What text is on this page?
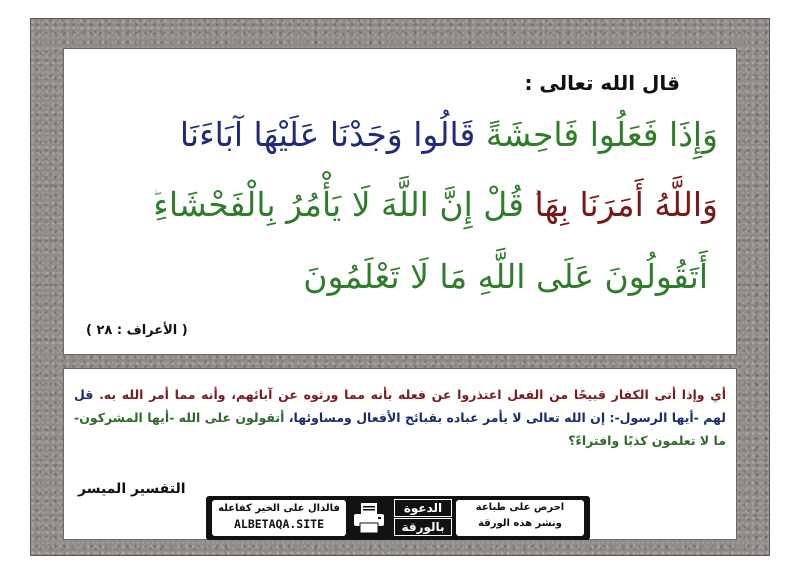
قال الله تعالى :
وَإِذَا فَعَلُوا فَاحِشَةً قَالُوا وَجَدْنَا عَلَيْهَا آبَاءَنَا
وَاللَّهُ أَمَرَنَا بِهَا قُلْ إِنَّ اللَّهَ لَا يَأْمُرُ بِالْفَحْشَاءِ
أَتَقُولُونَ عَلَى اللَّهِ مَا لَا تَعْلَمُونَ
( الأعراف : ٢٨ )
أي وإذا أتى الكفار قبيحًا من الفعل اعتذروا عن فعله بأنه مما ورثوه عن آبائهم، وأنه مما أمر الله به. قل لهم -أيها الرسول-: إن الله تعالى لا يأمر عباده بقبائح الأفعال ومساوئها، أتقولون على الله -أيها المشركون- ما لا تعلمون كذبًا وافتراءً؟
التفسير الميسر
فالدال على الخير كفاعله
ALBETAQA.SITE
الدعوة
بالورقة
احرص على طباعة
ونشر هذه الورقة
